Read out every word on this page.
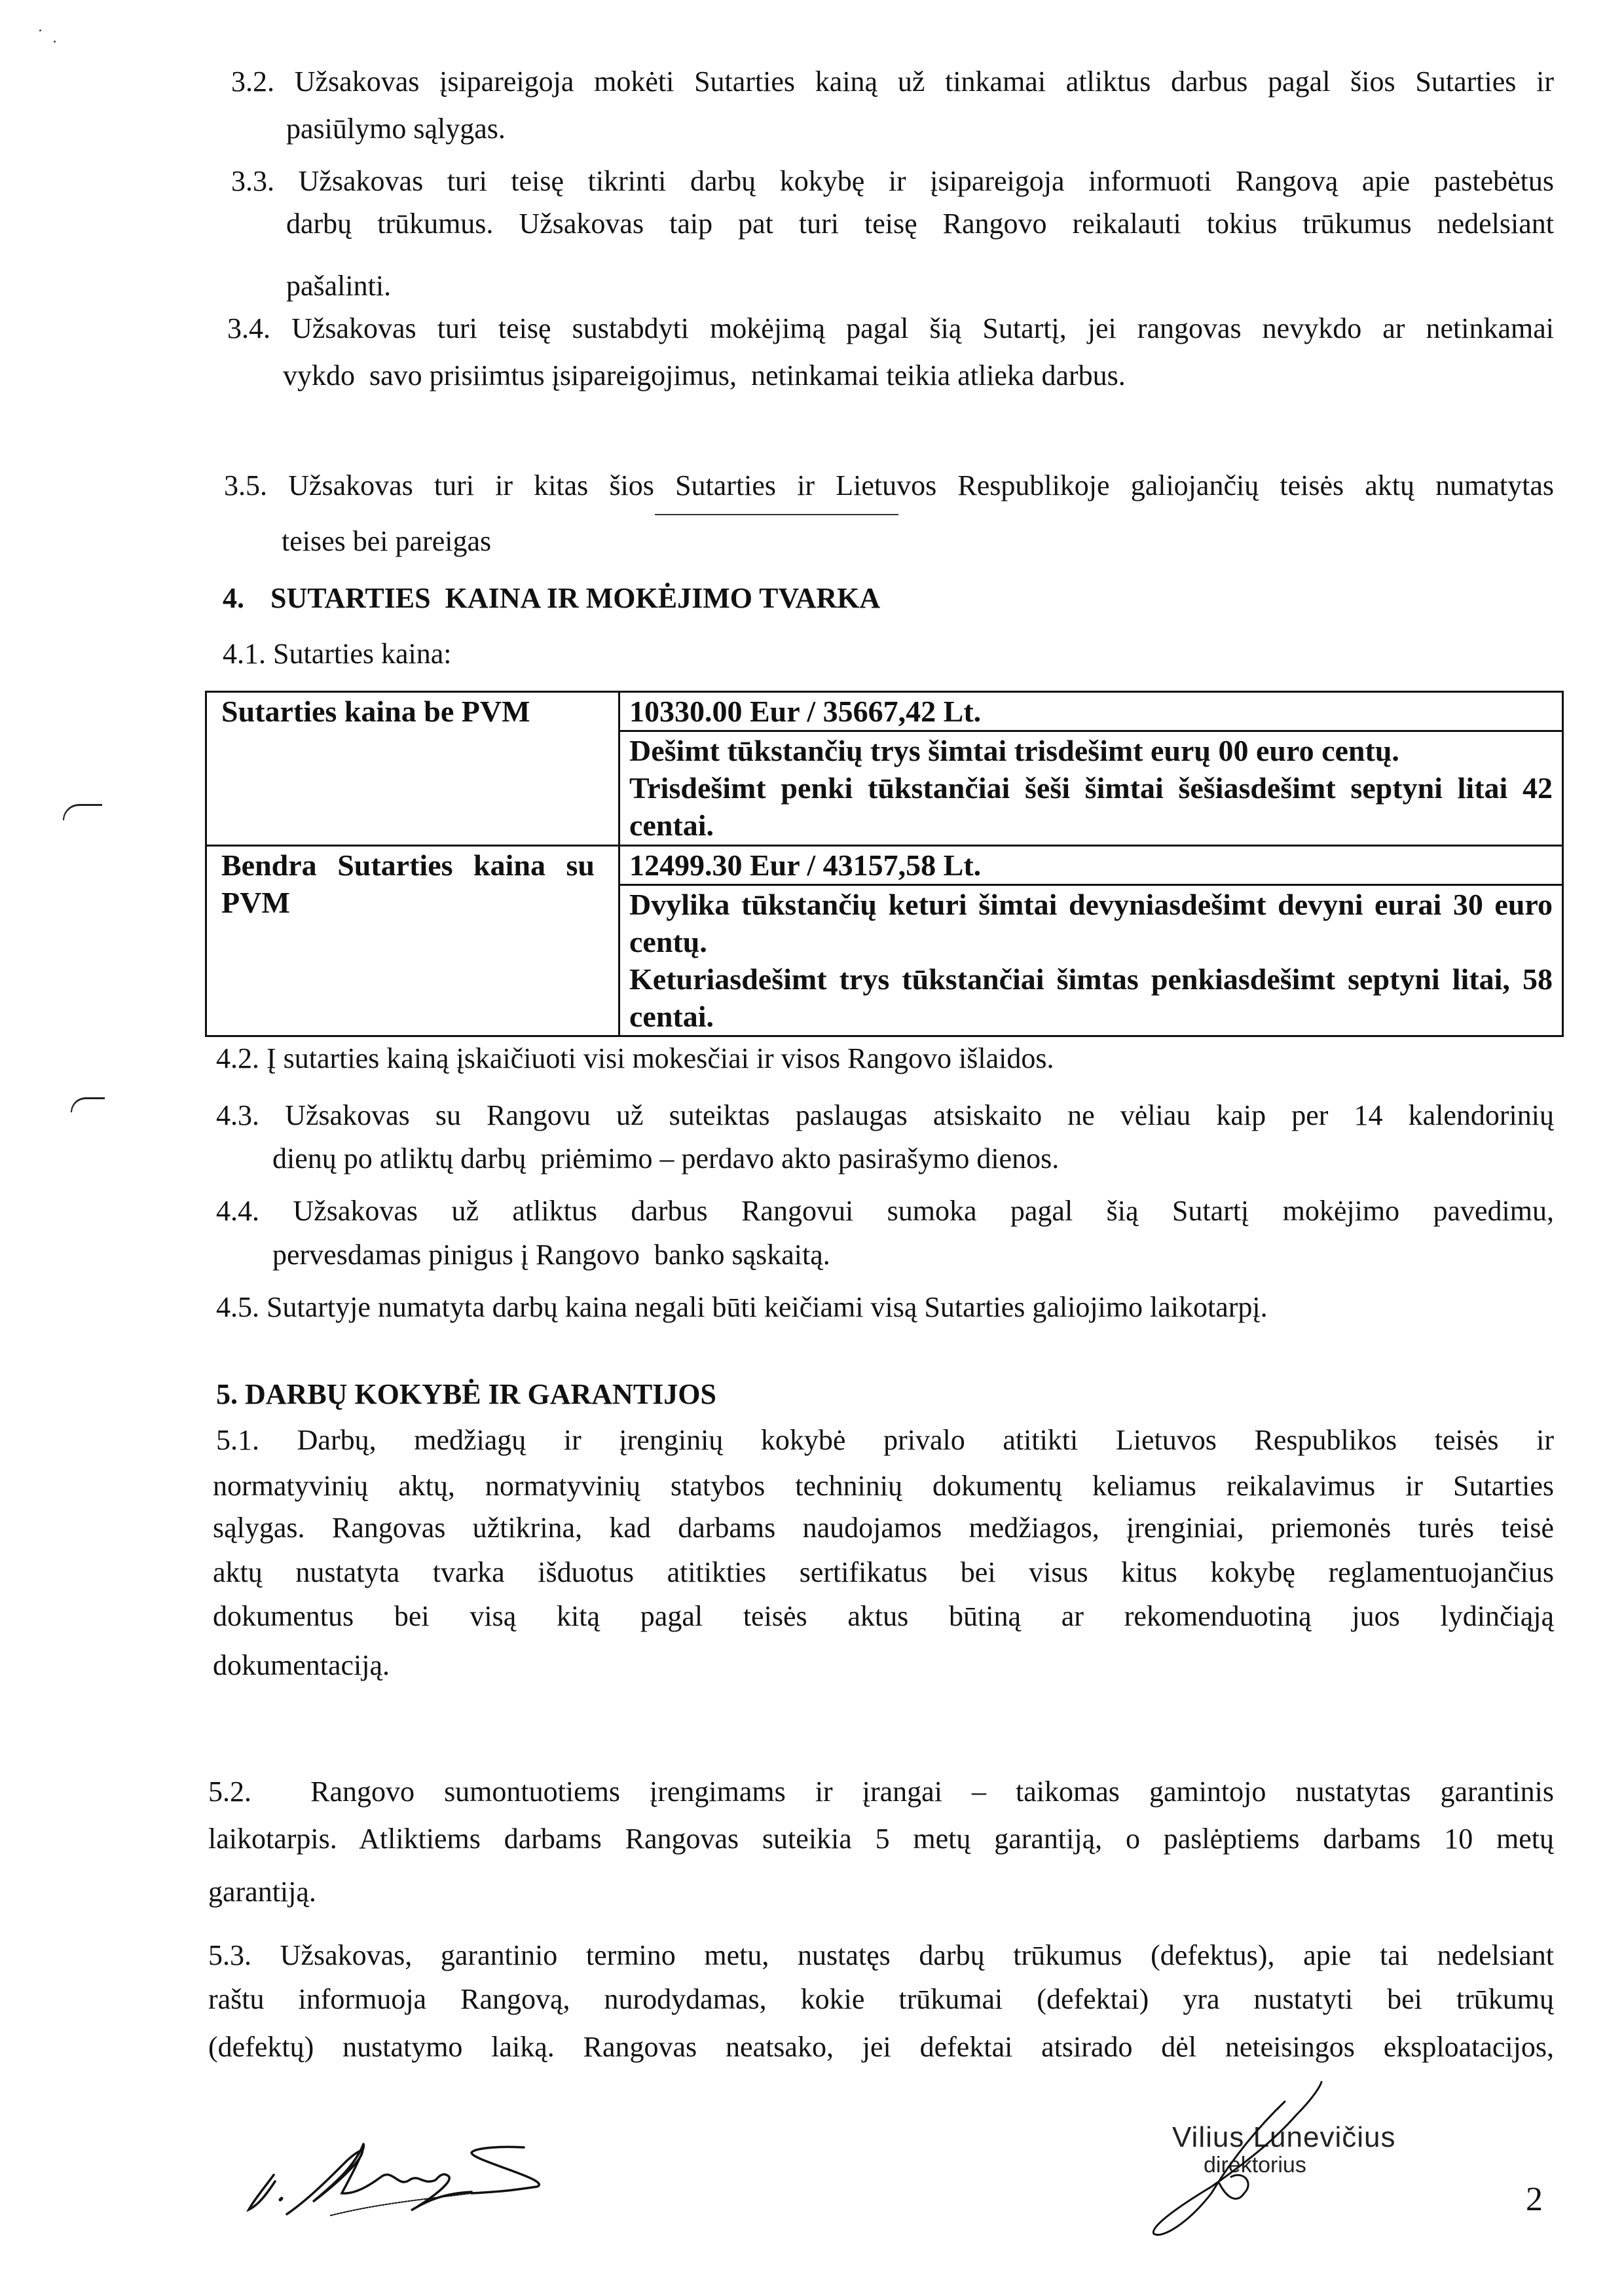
3.2. Užsakovas įsipareigoja mokėti Sutarties kainą už tinkamai atliktus darbus pagal šios Sutarties ir
pasiūlymo sąlygas.
3.3. Užsakovas turi teisę tikrinti darbų kokybę ir įsipareigoja informuoti Rangovą apie pastebėtus
darbų trūkumus. Užsakovas taip pat turi teisę Rangovo reikalauti tokius trūkumus nedelsiant
pašalinti.
3.4. Užsakovas turi teisę sustabdyti mokėjimą pagal šią Sutartį, jei rangovas nevykdo ar netinkamai
vykdo  savo prisiimtus įsipareigojimus,  netinkamai teikia atlieka darbus.
3.5. Užsakovas turi ir kitas šios Sutarties ir Lietuvos Respublikoje galiojančių teisės aktų numatytas
teises bei pareigas
4. SUTARTIES  KAINA IR MOKĖJIMO TVARKA
4.1. Sutarties kaina:
Sutarties kaina be PVM	10330.00 Eur / 35667,42 Lt.

	Dešimt tūkstančių trys šimtai trisdešimt eurų 00 euro centų.
Trisdešimt penki tūkstančiai šeši šimtai šešiasdešimt septyni litai 42 centai.

Bendra Sutarties kaina su
PVM	12499.30 Eur / 43157,58 Lt.

	Dvylika tūkstančių keturi šimtai devyniasdešimt devyni eurai 30 euro centų.
Keturiasdešimt trys tūkstančiai šimtas penkiasdešimt septyni litai, 58 centai.
4.2. Į sutarties kainą įskaičiuoti visi mokesčiai ir visos Rangovo išlaidos.
4.3. Užsakovas su Rangovu už suteiktas paslaugas atsiskaito ne vėliau kaip per 14 kalendorinių
dienų po atliktų darbų  priėmimo – perdavo akto pasirašymo dienos.
4.4. Užsakovas už atliktus darbus Rangovui sumoka pagal šią Sutartį mokėjimo pavedimu,
pervesdamas pinigus į Rangovo  banko sąskaitą.
4.5. Sutartyje numatyta darbų kaina negali būti keičiami visą Sutarties galiojimo laikotarpį.
5. DARBŲ KOKYBĖ IR GARANTIJOS
5.1. Darbų, medžiagų ir įrenginių kokybė privalo atitikti Lietuvos Respublikos teisės ir
normatyvinių aktų, normatyvinių statybos techninių dokumentų keliamus reikalavimus ir Sutarties
sąlygas. Rangovas užtikrina, kad darbams naudojamos medžiagos, įrenginiai, priemonės turės teisė
aktų nustatyta tvarka išduotus atitikties sertifikatus bei visus kitus kokybę reglamentuojančius
dokumentus bei visą kitą pagal teisės aktus būtiną ar rekomenduotiną juos lydinčiąją
dokumentaciją.
5.2. Rangovo sumontuotiems įrengimams ir įrangai – taikomas gamintojo nustatytas garantinis
laikotarpis. Atliktiems darbams Rangovas suteikia 5 metų garantiją, o paslėptiems darbams 10 metų
garantiją.
5.3. Užsakovas, garantinio termino metu, nustatęs darbų trūkumus (defektus), apie tai nedelsiant
raštu informuoja Rangovą, nurodydamas, kokie trūkumai (defektai) yra nustatyti bei trūkumų
(defektų) nustatymo laiką. Rangovas neatsako, jei defektai atsirado dėl neteisingos eksploatacijos,
Vilius Lunevičius
direktorius
2
